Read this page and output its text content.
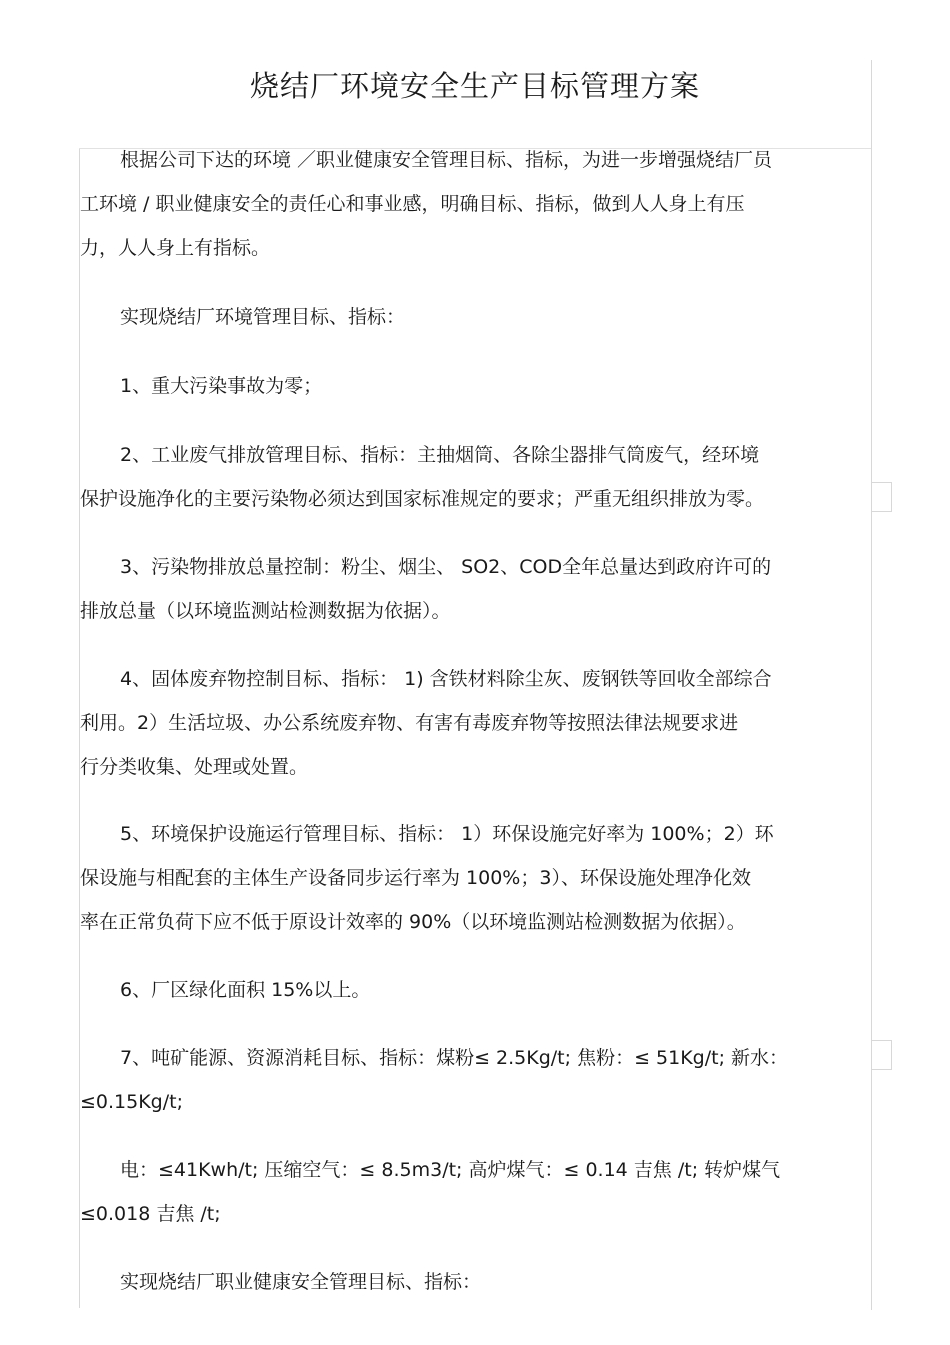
烧结厂环境安全生产目标管理方案
根据公司下达的环境 ／职业健康安全管理目标、指标，为进一步增强烧结厂员
工环境 / 职业健康安全的责任心和事业感，明确目标、指标，做到人人身上有压
力，人人身上有指标。
实现烧结厂环境管理目标、指标：
1、重大污染事故为零；
2、工业废气排放管理目标、指标：主抽烟筒、各除尘器排气筒废气，经环境
保护设施净化的主要污染物必须达到国家标准规定的要求；严重无组织排放为零。
3、污染物排放总量控制：粉尘、烟尘、 SO2、COD全年总量达到政府许可的
排放总量（以环境监测站检测数据为依据）。
4、固体废弃物控制目标、指标： 1) 含铁材料除尘灰、废钢铁等回收全部综合
利用。2）生活垃圾、办公系统废弃物、有害有毒废弃物等按照法律法规要求进
行分类收集、处理或处置。
5、环境保护设施运行管理目标、指标： 1）环保设施完好率为 100%；2）环
保设施与相配套的主体生产设备同步运行率为 100%；3）、环保设施处理净化效
率在正常负荷下应不低于原设计效率的 90%（以环境监测站检测数据为依据）。
6、厂区绿化面积 15%以上。
7、吨矿能源、资源消耗目标、指标：煤粉≤ 2.5Kg/t; 焦粉：≤ 51Kg/t; 新水：
≤0.15Kg/t;
电：≤41Kwh/t; 压缩空气：≤ 8.5m3/t; 高炉煤气：≤ 0.14 吉焦 /t; 转炉煤气
≤0.018 吉焦 /t;
实现烧结厂职业健康安全管理目标、指标：
